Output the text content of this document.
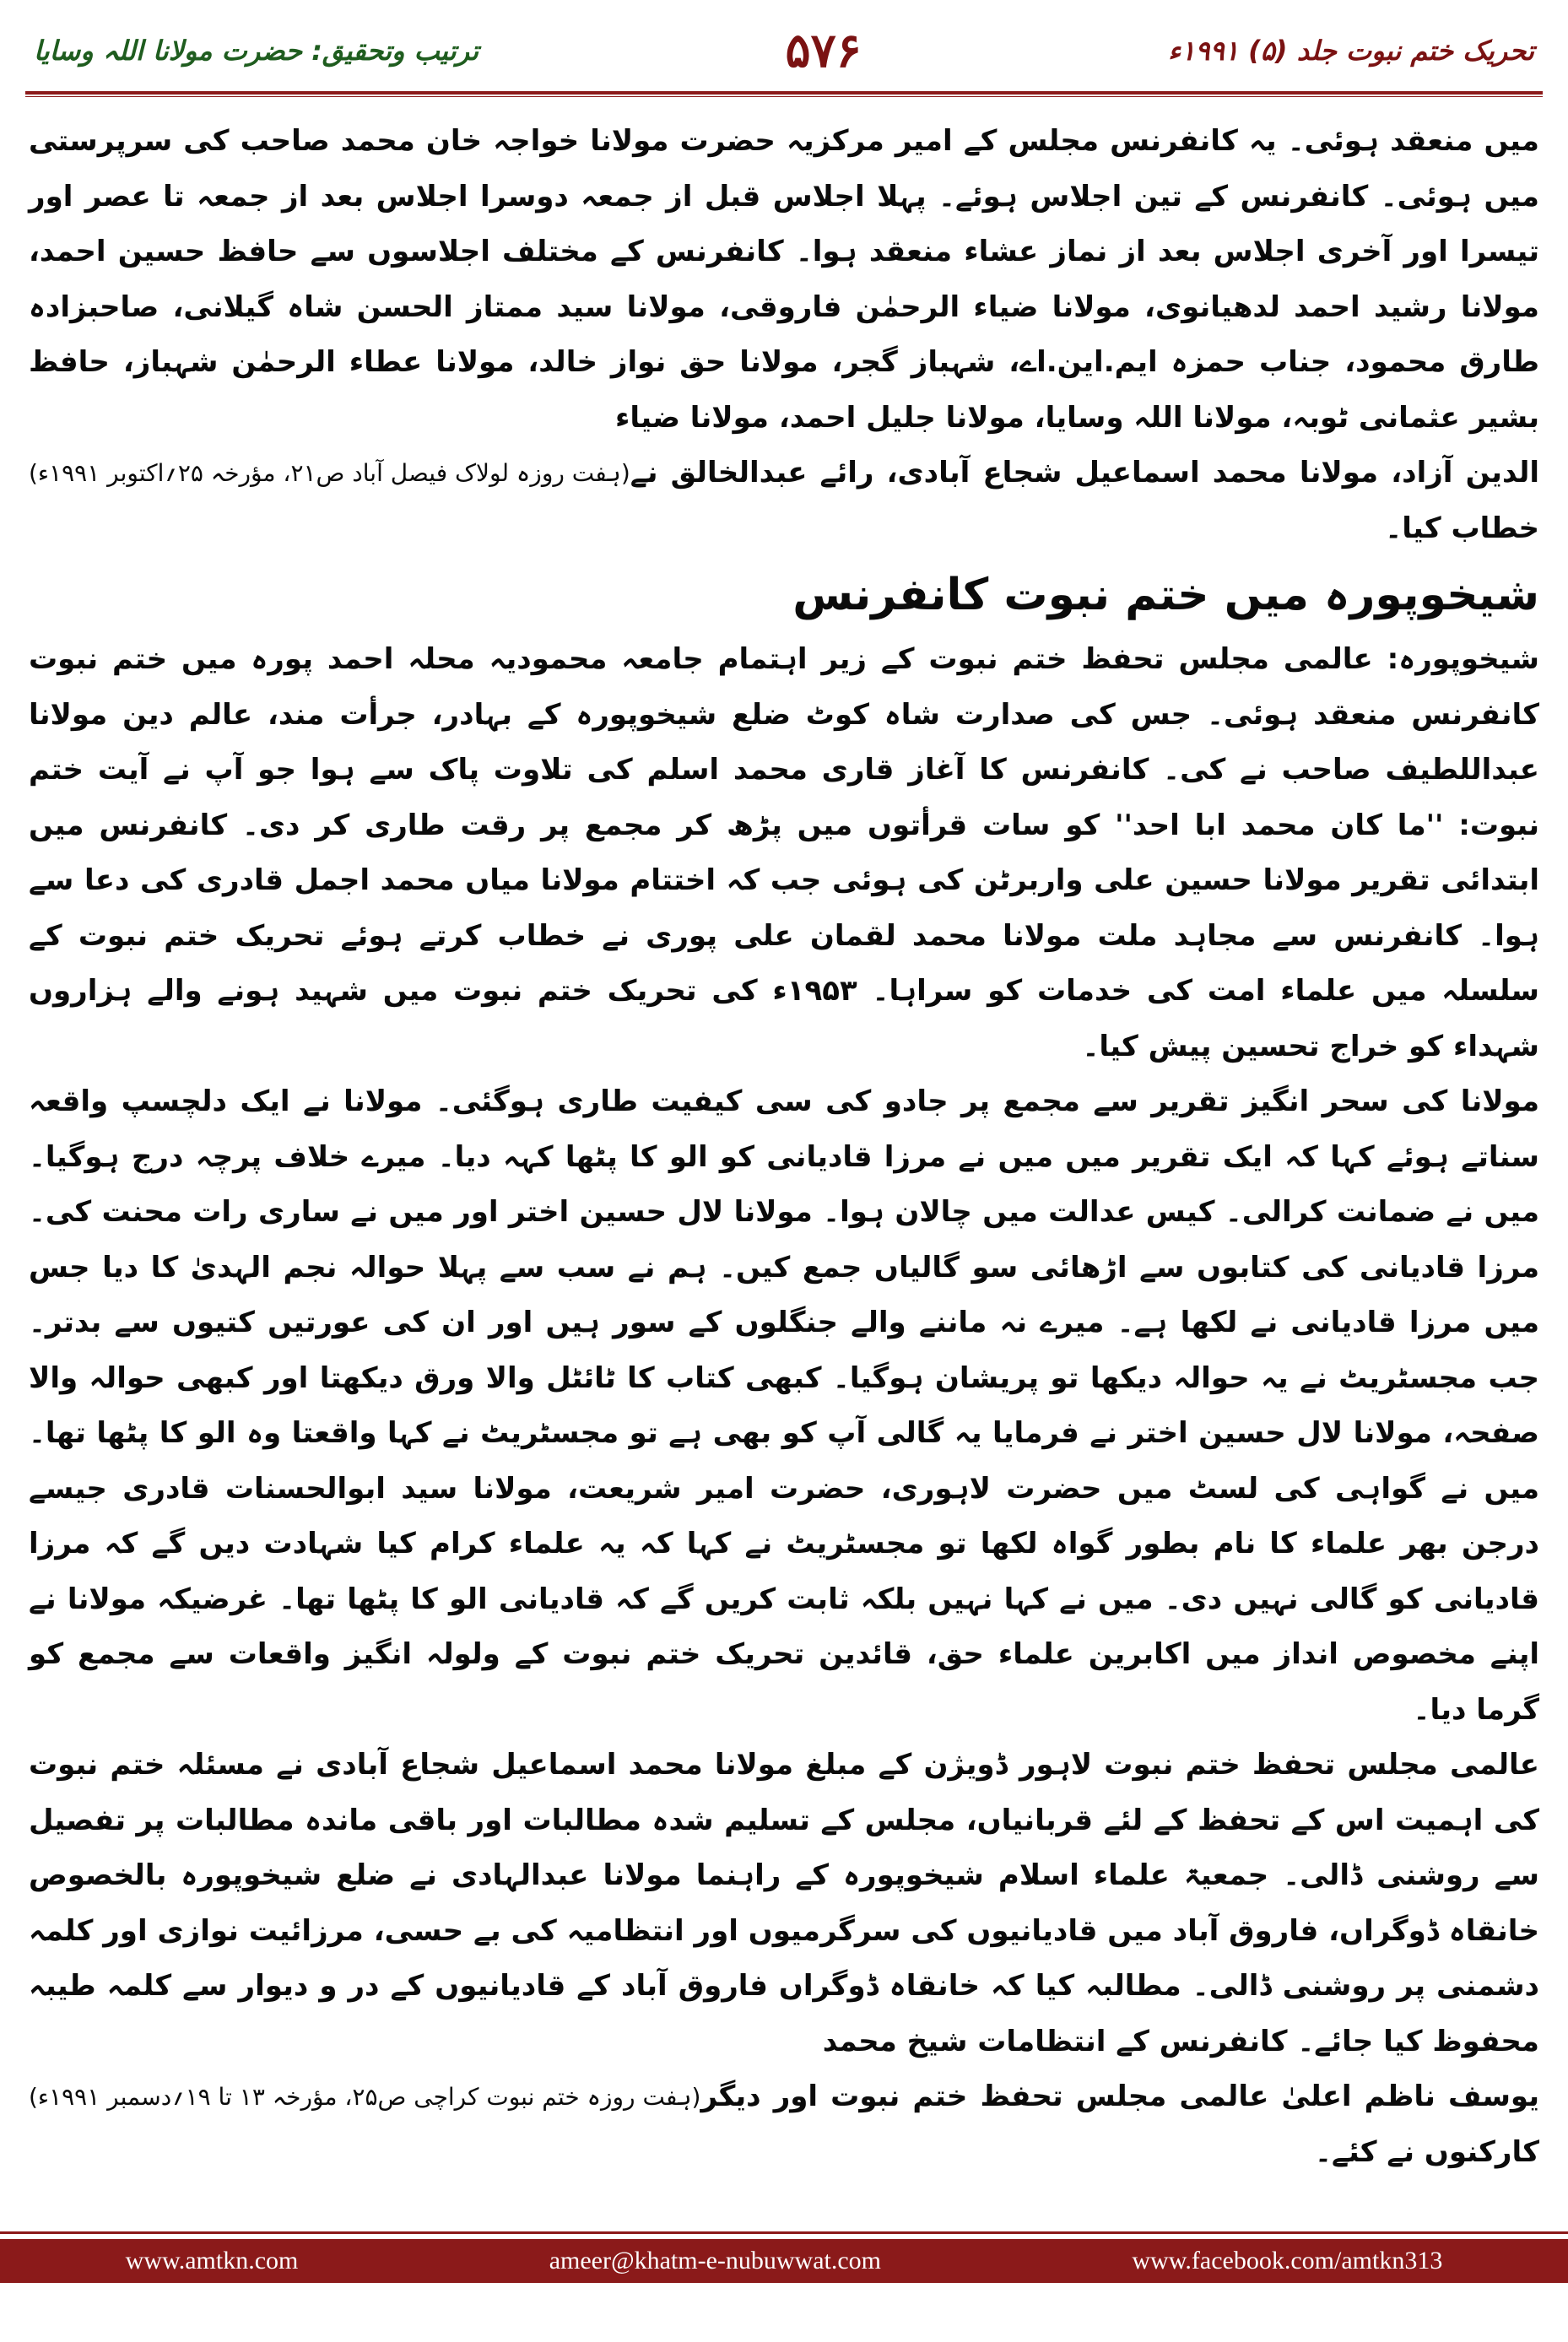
تحریک ختم نبوت جلد (۵) ۱۹۹۱ء
۵۷۶
ترتیب وتحقیق: حضرت مولانا اللہ وسایا

میں منعقد ہوئی۔ یہ کانفرنس مجلس کے امیر مرکزیہ حضرت مولانا خواجہ خان محمد صاحب کی سرپرستی میں ہوئی۔ کانفرنس کے تین اجلاس ہوئے۔ پہلا اجلاس قبل از جمعہ دوسرا اجلاس بعد از جمعہ تا عصر اور تیسرا اور آخری اجلاس بعد از نماز عشاء منعقد ہوا۔ کانفرنس کے مختلف اجلاسوں سے حافظ حسین احمد، مولانا رشید احمد لدھیانوی، مولانا ضیاء الرحمٰن فاروقی، مولانا سید ممتاز الحسن شاہ گیلانی، صاحبزادہ طارق محمود، جناب حمزہ ایم.این.اے، شہباز گجر، مولانا حق نواز خالد، مولانا عطاء الرحمٰن شہباز، حافظ بشیر عثمانی ٹوبہ، مولانا اللہ وسایا، مولانا جلیل احمد، مولانا ضیاء

الدین آزاد، مولانا محمد اسماعیل شجاع آبادی، رائے عبدالخالق نے خطاب کیا۔
(ہفت روزہ لولاک فیصل آباد ص۲۱، مؤرخہ ۲۵؍اکتوبر ۱۹۹۱ء)
شیخوپورہ میں ختم نبوت کانفرنس

شیخوپورہ: عالمی مجلس تحفظ ختم نبوت کے زیر اہتمام جامعہ محمودیہ محلہ احمد پورہ میں ختم نبوت کانفرنس منعقد ہوئی۔ جس کی صدارت شاہ کوٹ ضلع شیخوپورہ کے بہادر، جرأت مند، عالم دین مولانا عبداللطیف صاحب نے کی۔ کانفرنس کا آغاز قاری محمد اسلم کی تلاوت پاک سے ہوا جو آپ نے آیت ختم نبوت: ''ما کان محمد ابا احد'' کو سات قرأتوں میں پڑھ کر مجمع پر رقت طاری کر دی۔ کانفرنس میں ابتدائی تقریر مولانا حسین علی واربرٹن کی ہوئی جب کہ اختتام مولانا میاں محمد اجمل قادری کی دعا سے ہوا۔ کانفرنس سے مجاہد ملت مولانا محمد لقمان علی پوری نے خطاب کرتے ہوئے تحریک ختم نبوت کے سلسلہ میں علماء امت کی خدمات کو سراہا۔ ۱۹۵۳ء کی تحریک ختم نبوت میں شہید ہونے والے ہزاروں شہداء کو خراج تحسین پیش کیا۔

مولانا کی سحر انگیز تقریر سے مجمع پر جادو کی سی کیفیت طاری ہوگئی۔ مولانا نے ایک دلچسپ واقعہ سناتے ہوئے کہا کہ ایک تقریر میں میں نے مرزا قادیانی کو الو کا پٹھا کہہ دیا۔ میرے خلاف پرچہ درج ہوگیا۔ میں نے ضمانت کرالی۔ کیس عدالت میں چالان ہوا۔ مولانا لال حسین اختر اور میں نے ساری رات محنت کی۔ مرزا قادیانی کی کتابوں سے اڑھائی سو گالیاں جمع کیں۔ ہم نے سب سے پہلا حوالہ نجم الہدیٰ کا دیا جس میں مرزا قادیانی نے لکھا ہے۔ میرے نہ ماننے والے جنگلوں کے سور ہیں اور ان کی عورتیں کتیوں سے بدتر۔ جب مجسٹریٹ نے یہ حوالہ دیکھا تو پریشان ہوگیا۔ کبھی کتاب کا ٹائٹل والا ورق دیکھتا اور کبھی حوالہ والا صفحہ، مولانا لال حسین اختر نے فرمایا یہ گالی آپ کو بھی ہے تو مجسٹریٹ نے کہا واقعتا وہ الو کا پٹھا تھا۔ میں نے گواہی کی لسٹ میں حضرت لاہوری، حضرت امیر شریعت، مولانا سید ابوالحسنات قادری جیسے درجن بھر علماء کا نام بطور گواہ لکھا تو مجسٹریٹ نے کہا کہ یہ علماء کرام کیا شہادت دیں گے کہ مرزا قادیانی کو گالی نہیں دی۔ میں نے کہا نہیں بلکہ ثابت کریں گے کہ قادیانی الو کا پٹھا تھا۔ غرضیکہ مولانا نے اپنے مخصوص انداز میں اکابرین علماء حق، قائدین تحریک ختم نبوت کے ولولہ انگیز واقعات سے مجمع کو گرما دیا۔

عالمی مجلس تحفظ ختم نبوت لاہور ڈویژن کے مبلغ مولانا محمد اسماعیل شجاع آبادی نے مسئلہ ختم نبوت کی اہمیت اس کے تحفظ کے لئے قربانیاں، مجلس کے تسلیم شدہ مطالبات اور باقی ماندہ مطالبات پر تفصیل سے روشنی ڈالی۔ جمعیۃ علماء اسلام شیخوپورہ کے راہنما مولانا عبدالہادی نے ضلع شیخوپورہ بالخصوص خانقاہ ڈوگراں، فاروق آباد میں قادیانیوں کی سرگرمیوں اور انتظامیہ کی بے حسی، مرزائیت نوازی اور کلمہ دشمنی پر روشنی ڈالی۔ مطالبہ کیا کہ خانقاہ ڈوگراں فاروق آباد کے قادیانیوں کے در و دیوار سے کلمہ طیبہ محفوظ کیا جائے۔ کانفرنس کے انتظامات شیخ محمد

یوسف ناظم اعلیٰ عالمی مجلس تحفظ ختم نبوت اور دیگر کارکنوں نے کئے۔
(ہفت روزہ ختم نبوت کراچی ص۲۵، مؤرخہ ۱۳ تا ۱۹؍دسمبر ۱۹۹۱ء)
www.amtkn.com	ameer@khatm-e-nubuwwat.com	www.facebook.com/amtkn313
